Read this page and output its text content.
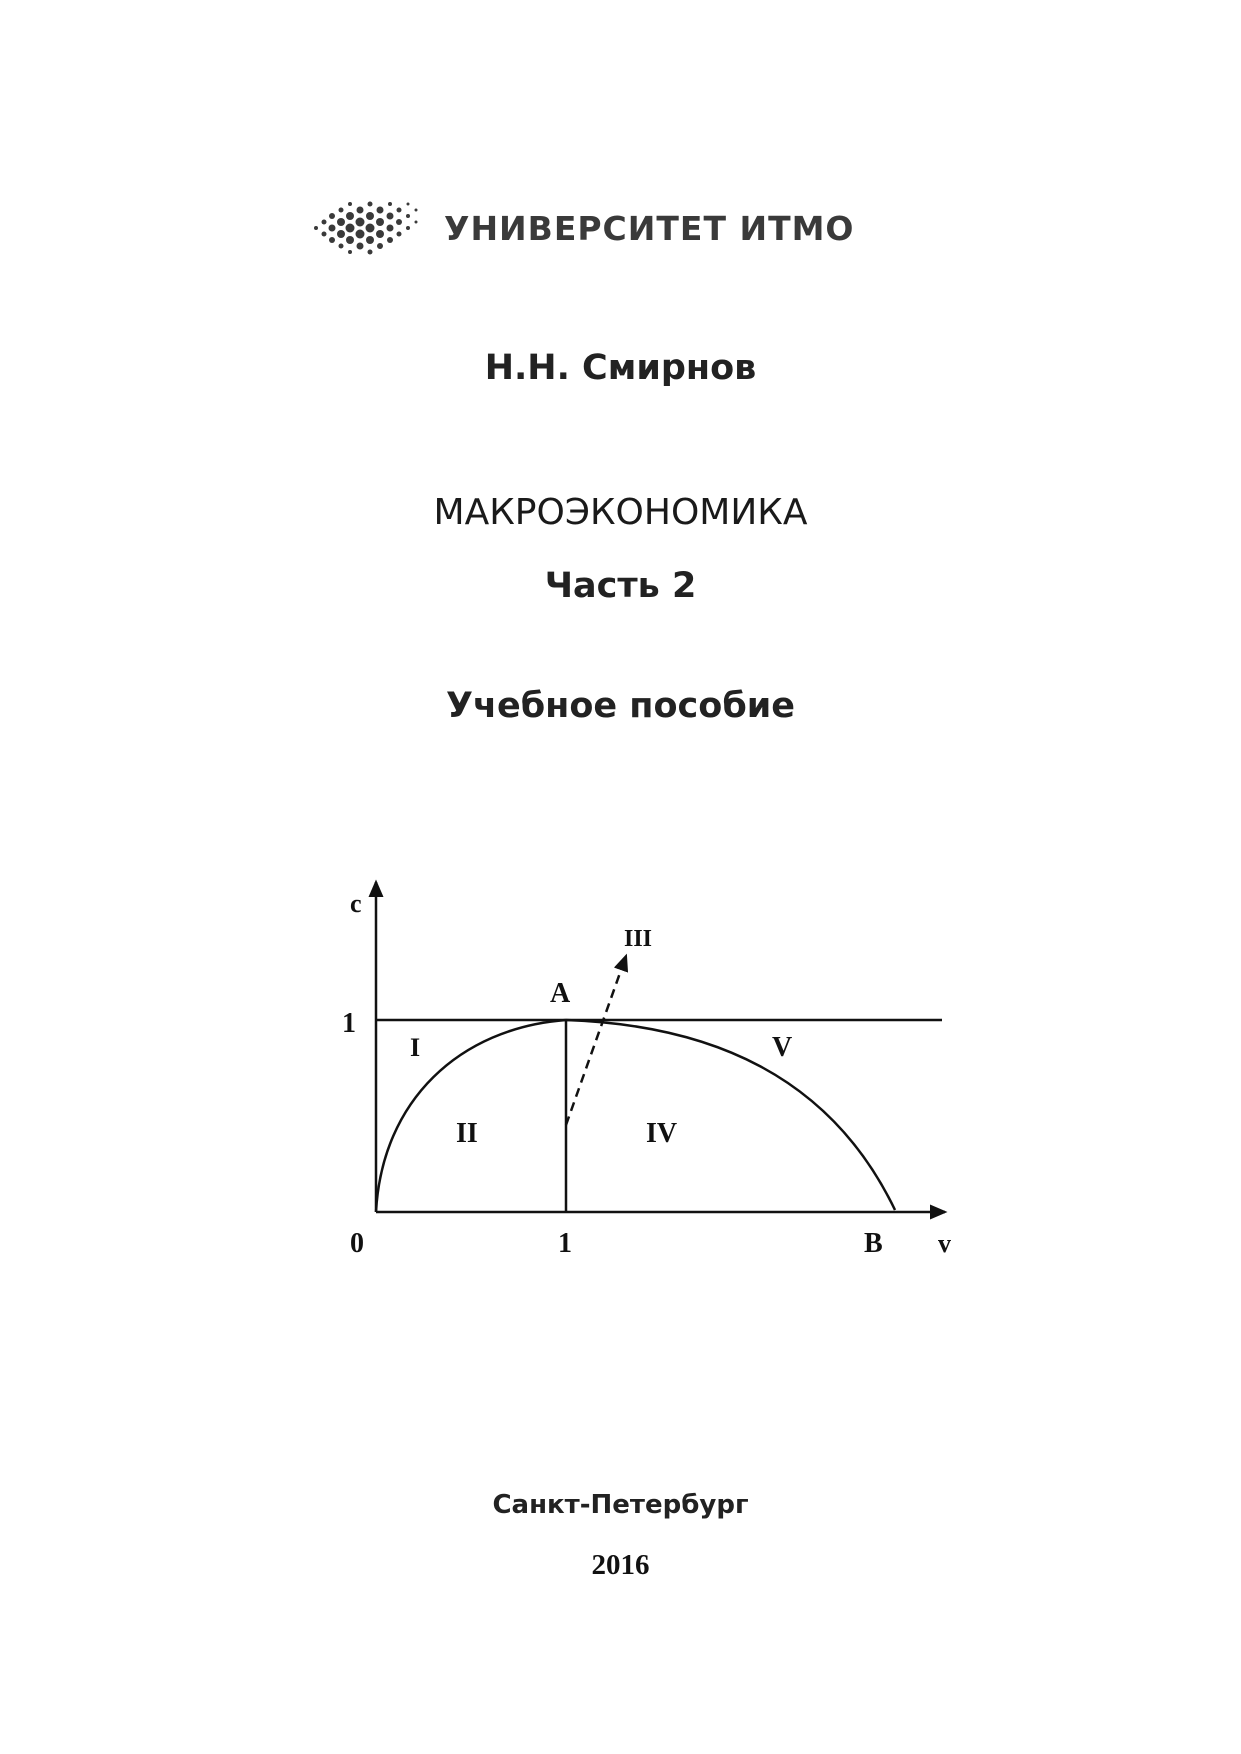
УНИВЕРСИТЕТ ИТМО

Н.Н. Смирнов

МАКРОЭКОНОМИКА

Часть 2

Учебное пособие

c
1
0	1	B v
A
I
II
III
IV
V

Санкт-Петербург

2016
